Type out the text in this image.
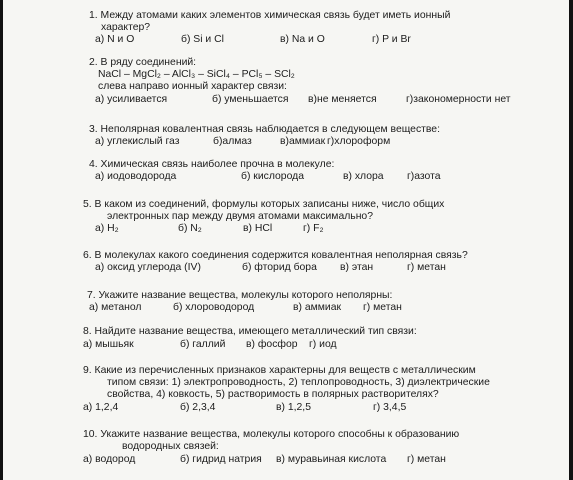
1. Между атомами каких элементов химическая связь будет иметь ионный
характер?
а) N и O	б) Si и Cl	в) Na и O	г) P и Br
2. В ряду соединений:
NaCl – MgCl₂ – AlCl₃ – SiCl₄ – PCl₅ – SCl₂
слева направо ионный характер связи:
а) усиливается	б) уменьшается в)не меняется	г)закономерности нет
3. Неполярная ковалентная связь наблюдается в следующем веществе:
а) углекислый газ	б)алмаз	в)аммиак г)хлороформ
4. Химическая связь наиболее прочна в молекуле:
а) иодоводорода	б) кислорода	в) хлора г)азота
5. В каком из соединений, формулы которых записаны ниже, число общих
электронных пар между двумя атомами максимально?
а) H₂	б) N₂	в) HCl	г) F₂
6. В молекулах какого соединения содержится ковалентная неполярная связь?
а) оксид углерода (IV)	б) фторид бора в) этан	г) метан
7. Укажите название вещества, молекулы которого неполярны:
а) метанол	б) хлороводород	в) аммиак г) метан
8. Найдите название вещества, имеющего металлический тип связи:
а) мышьяк	б) галлий в) фосфор г) иод
9. Какие из перечисленных признаков характерны для веществ с металлическим
типом связи: 1) электропроводность, 2) теплопроводность, 3) диэлектрические
свойства, 4) ковкость, 5) растворимость в полярных растворителях?
а) 1,2,4	б) 2,3,4	в) 1,2,5	г) 3,4,5
10. Укажите название вещества, молекулы которого способны к образованию
водородных связей:
а) водород	б) гидрид натрия в) муравьиная кислота г) метан
